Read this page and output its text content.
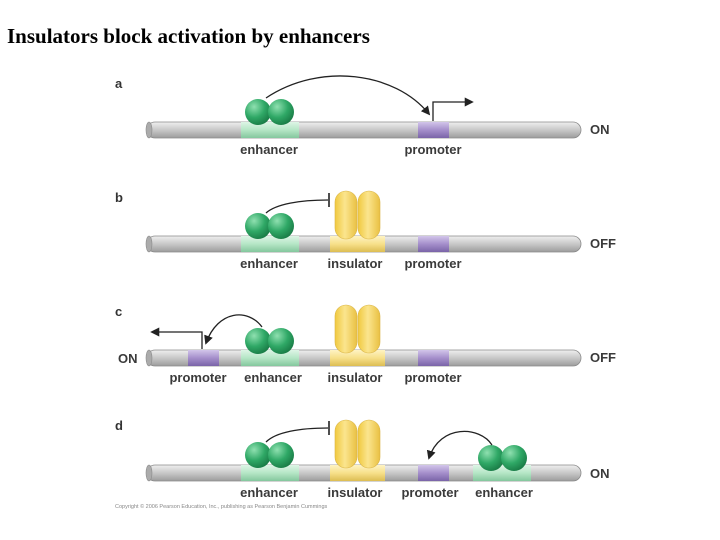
Insulators block activation by enhancers
a
enhancer	promoter
ON
b
enhancer insulator promoter
OFF
c
ON
promoter enhancer insulator promoter
OFF
d
enhancer insulator promoter enhancer
ON
Copyright © 2006 Pearson Education, Inc., publishing as Pearson Benjamin Cummings
